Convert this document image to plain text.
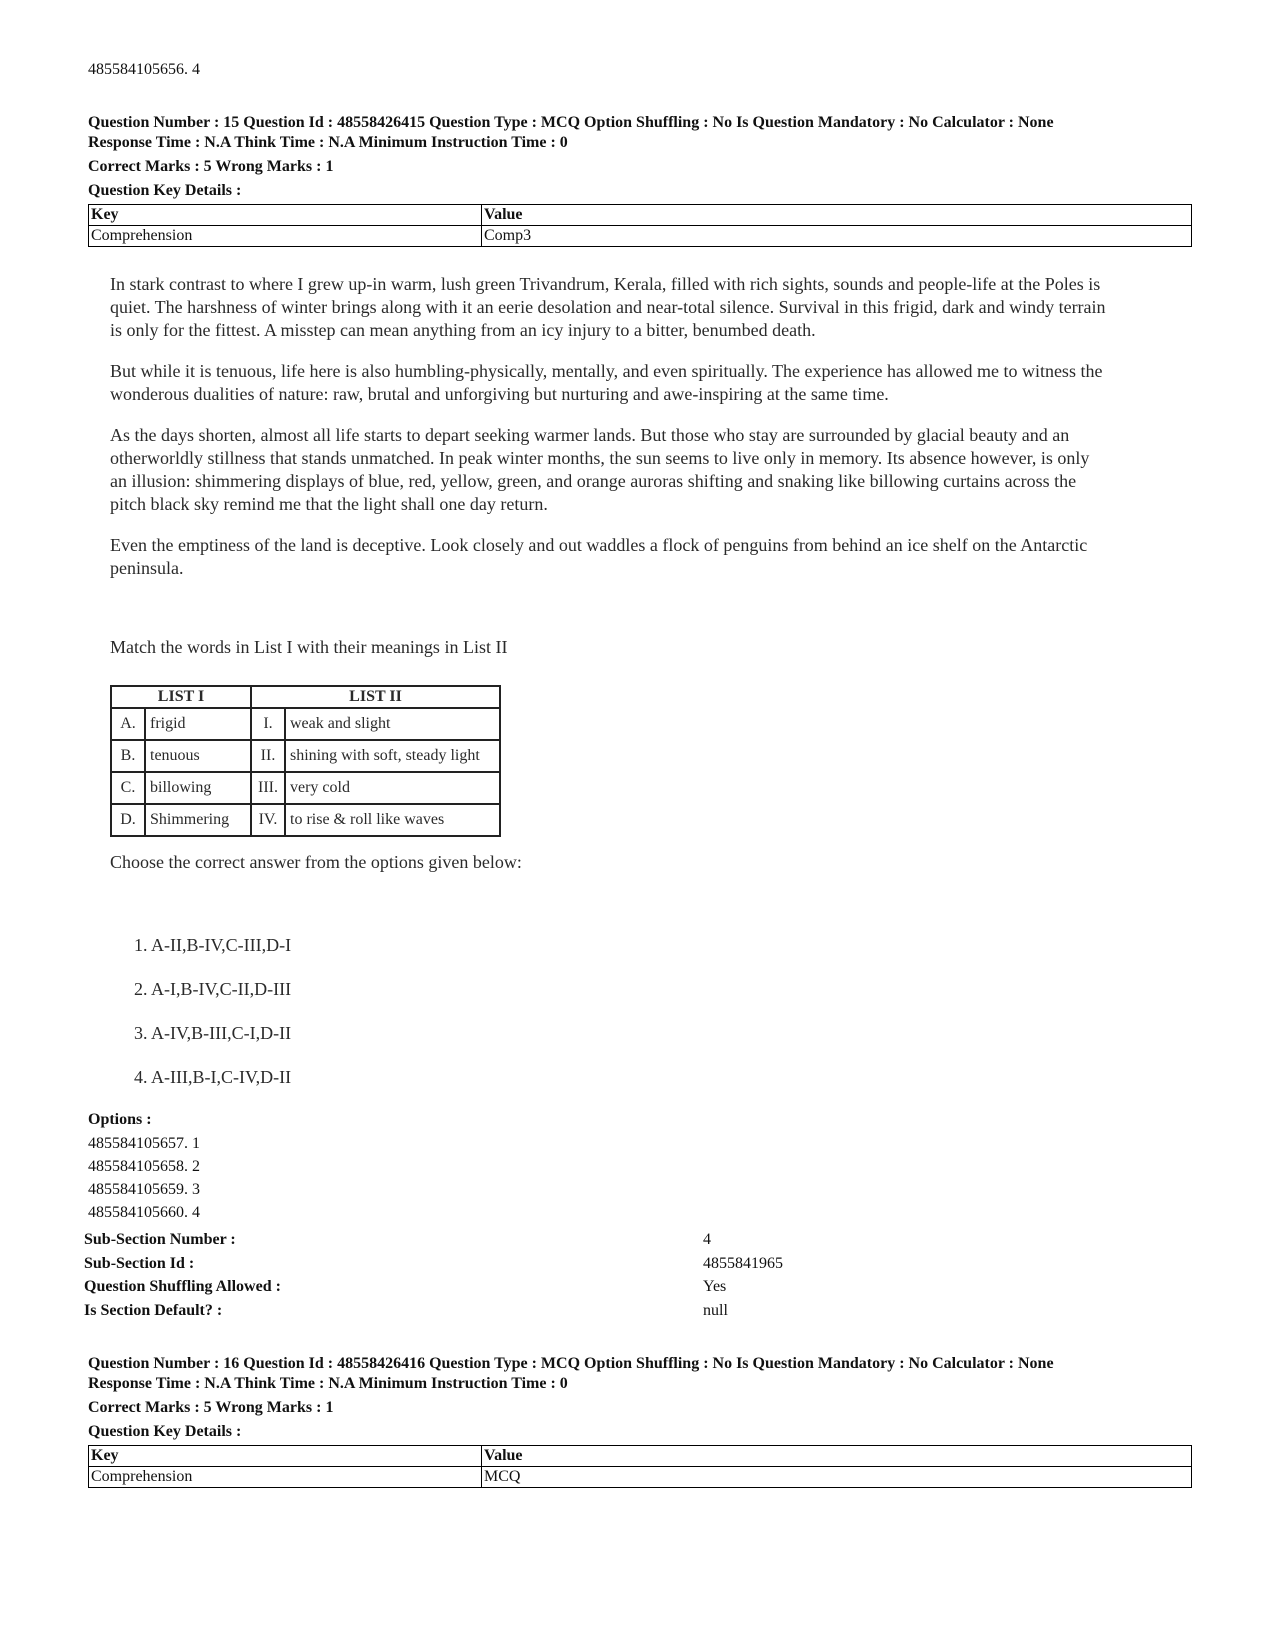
485584105656. 4
Question Number : 15 Question Id : 48558426415 Question Type : MCQ Option Shuffling : No Is Question Mandatory : No Calculator : None
Response Time : N.A Think Time : N.A Minimum Instruction Time : 0
Correct Marks : 5 Wrong Marks : 1
Question Key Details :
Key	Value
Comprehension	Comp3

In stark contrast to where I grew up-in warm, lush green Trivandrum, Kerala, filled with rich sights, sounds and people-life at the Poles is
quiet. The harshness of winter brings along with it an eerie desolation and near-total silence. Survival in this frigid, dark and windy terrain
is only for the fittest. A misstep can mean anything from an icy injury to a bitter, benumbed death.

But while it is tenuous, life here is also humbling-physically, mentally, and even spiritually. The experience has allowed me to witness the
wonderous dualities of nature: raw, brutal and unforgiving but nurturing and awe-inspiring at the same time.

As the days shorten, almost all life starts to depart seeking warmer lands. But those who stay are surrounded by glacial beauty and an
otherworldly stillness that stands unmatched. In peak winter months, the sun seems to live only in memory. Its absence however, is only
an illusion: shimmering displays of blue, red, yellow, green, and orange auroras shifting and snaking like billowing curtains across the
pitch black sky remind me that the light shall one day return.

Even the emptiness of the land is deceptive. Look closely and out waddles a flock of penguins from behind an ice shelf on the Antarctic
peninsula.

Match the words in List I with their meanings in List II
LIST I		LIST II	
A.	frigid	I.	weak and slight
B.	tenuous	II.	shining with soft, steady light
C.	billowing	III.	very cold
D.	Shimmering	IV.	to rise & roll like waves
Choose the correct answer from the options given below:
1. A-II,B-IV,C-III,D-I
2. A-I,B-IV,C-II,D-III
3. A-IV,B-III,C-I,D-II
4. A-III,B-I,C-IV,D-II
Options :
485584105657. 1
485584105658. 2
485584105659. 3
485584105660. 4
Sub-Section Number :	4
Sub-Section Id :	4855841965
Question Shuffling Allowed :	Yes
Is Section Default? :	null
Question Number : 16 Question Id : 48558426416 Question Type : MCQ Option Shuffling : No Is Question Mandatory : No Calculator : None
Response Time : N.A Think Time : N.A Minimum Instruction Time : 0
Correct Marks : 5 Wrong Marks : 1
Question Key Details :
Key	Value
Comprehension	MCQ
